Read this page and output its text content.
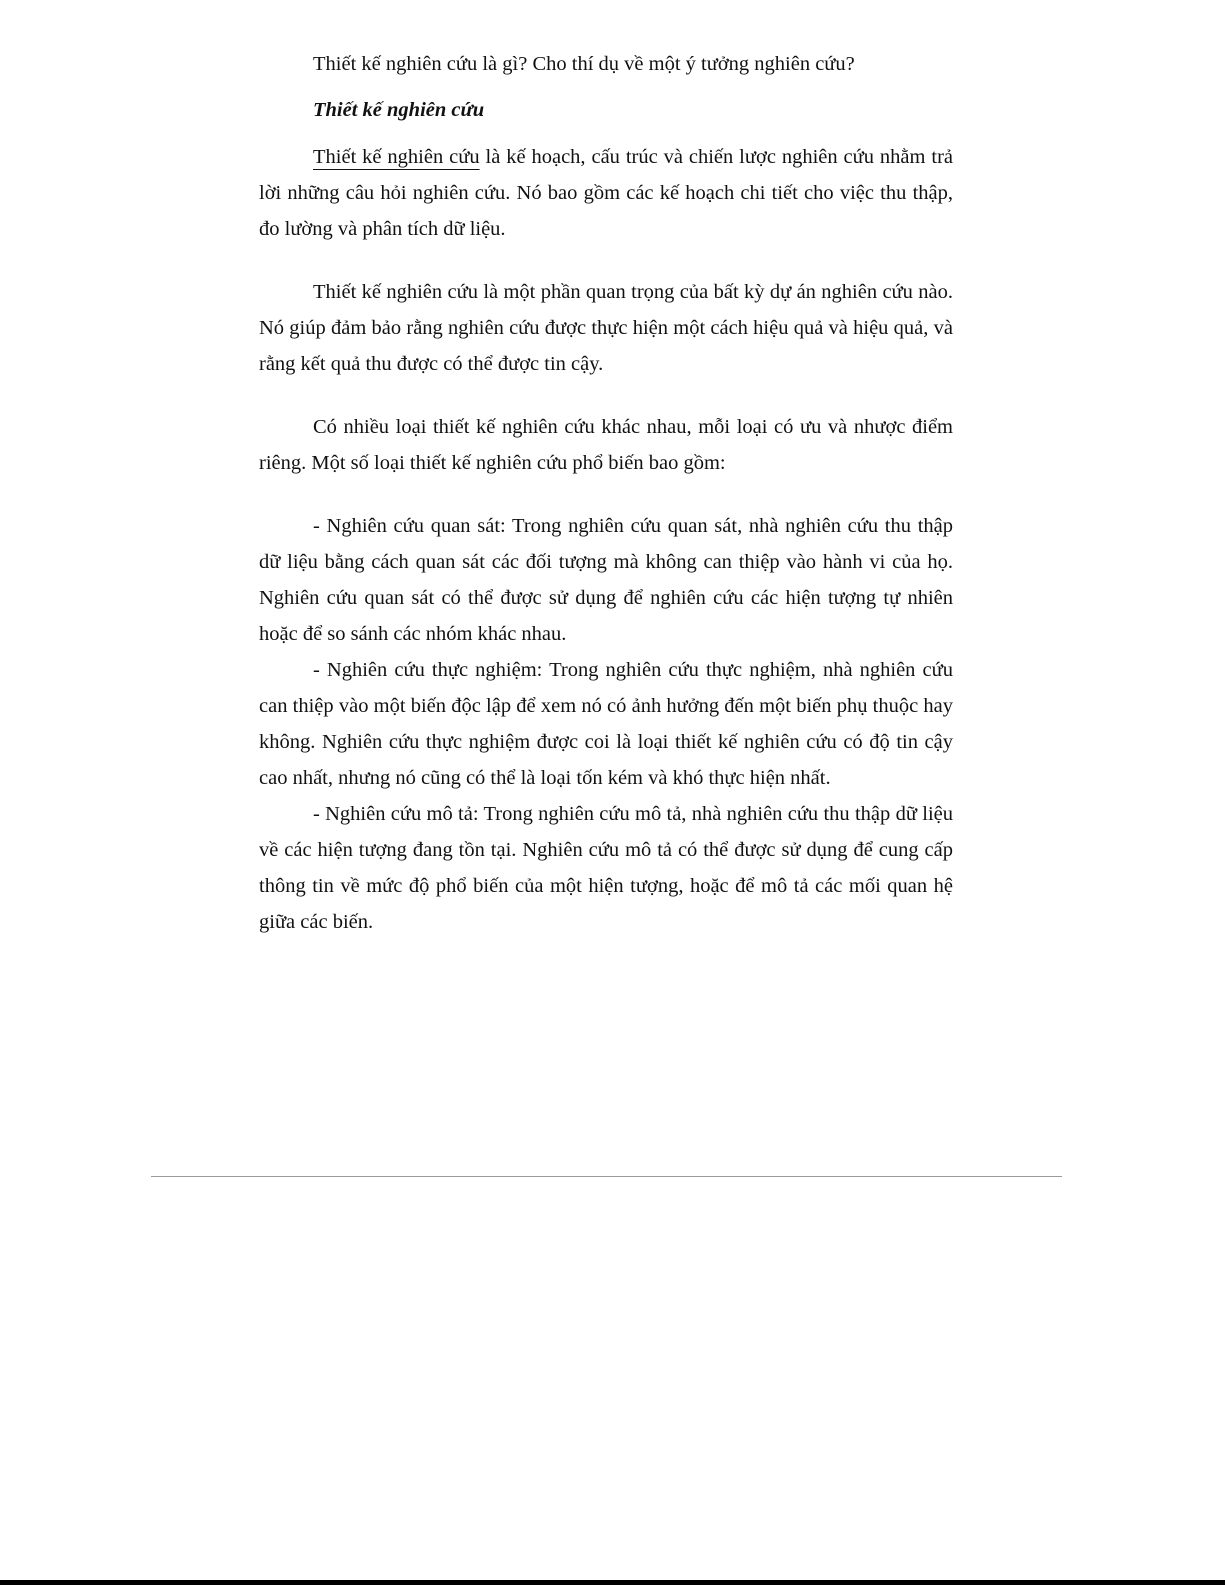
Thiết kế nghiên cứu là gì? Cho thí dụ về một ý tưởng nghiên cứu?

Thiết kế nghiên cứu

Thiết kế nghiên cứu là kế hoạch, cấu trúc và chiến lược nghiên cứu nhằm trả lời những câu hỏi nghiên cứu. Nó bao gồm các kế hoạch chi tiết cho việc thu thập, đo lường và phân tích dữ liệu.

Thiết kế nghiên cứu là một phần quan trọng của bất kỳ dự án nghiên cứu nào. Nó giúp đảm bảo rằng nghiên cứu được thực hiện một cách hiệu quả và hiệu quả, và rằng kết quả thu được có thể được tin cậy.

Có nhiều loại thiết kế nghiên cứu khác nhau, mỗi loại có ưu và nhược điểm riêng. Một số loại thiết kế nghiên cứu phổ biến bao gồm:

- Nghiên cứu quan sát: Trong nghiên cứu quan sát, nhà nghiên cứu thu thập dữ liệu bằng cách quan sát các đối tượng mà không can thiệp vào hành vi của họ. Nghiên cứu quan sát có thể được sử dụng để nghiên cứu các hiện tượng tự nhiên hoặc để so sánh các nhóm khác nhau.

- Nghiên cứu thực nghiệm: Trong nghiên cứu thực nghiệm, nhà nghiên cứu can thiệp vào một biến độc lập để xem nó có ảnh hưởng đến một biến phụ thuộc hay không. Nghiên cứu thực nghiệm được coi là loại thiết kế nghiên cứu có độ tin cậy cao nhất, nhưng nó cũng có thể là loại tốn kém và khó thực hiện nhất.

- Nghiên cứu mô tả: Trong nghiên cứu mô tả, nhà nghiên cứu thu thập dữ liệu về các hiện tượng đang tồn tại. Nghiên cứu mô tả có thể được sử dụng để cung cấp thông tin về mức độ phổ biến của một hiện tượng, hoặc để mô tả các mối quan hệ giữa các biến.
